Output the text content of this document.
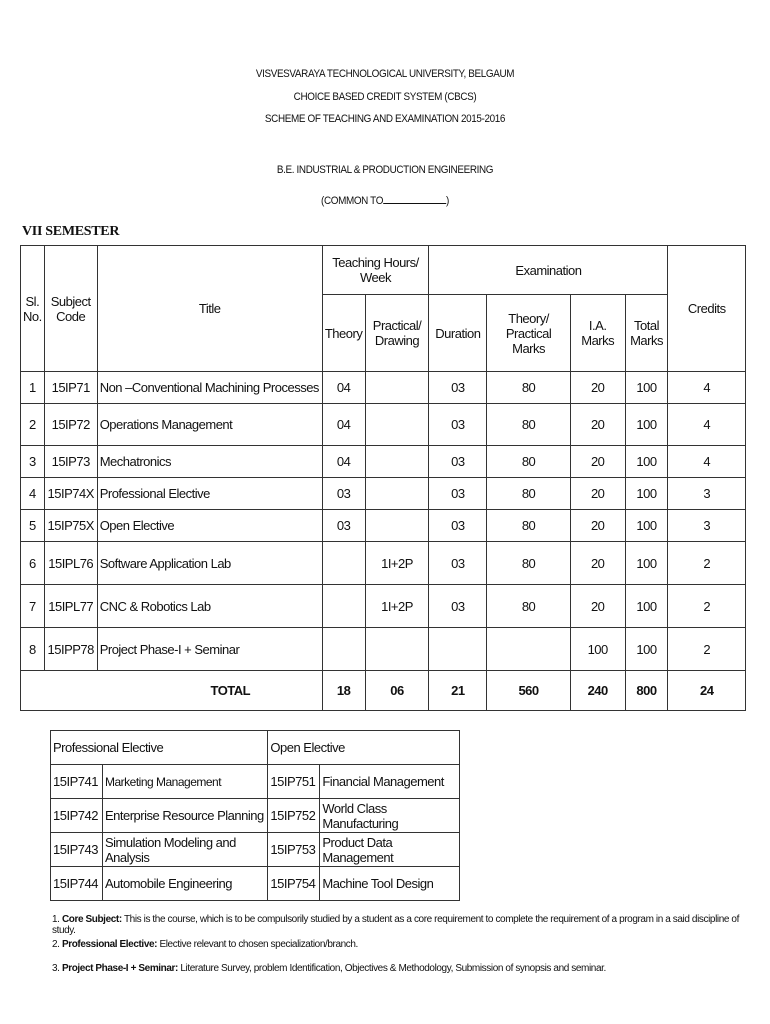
VISVESVARAYA TECHNOLOGICAL UNIVERSITY, BELGAUM
CHOICE BASED CREDIT SYSTEM (CBCS)
SCHEME OF TEACHING AND EXAMINATION 2015-2016
B.E. INDUSTRIAL & PRODUCTION ENGINEERING
(COMMON TO	)
VII SEMESTER
Sl. No.	Subject Code	Title	Teaching Hours/ Week		Examination				Credits
			Theory	Practical/ Drawing	Duration	Theory/ Practical Marks	I.A. Marks	Total Marks	
1	15IP71	Non –Conventional Machining Processes	04		03	80	20	100	4
2	15IP72	Operations Management	04		03	80	20	100	4
3	15IP73	Mechatronics	04		03	80	20	100	4
4	15IP74X	Professional Elective	03		03	80	20	100	3
5	15IP75X	Open Elective	03		03	80	20	100	3
6	15IPL76	Software Application Lab		1I+2P	03	80	20	100	2
7	15IPL77	CNC & Robotics Lab		1I+2P	03	80	20	100	2
8	15IPP78	Project Phase-I + Seminar					100	100	2
TOTAL			18	06	21	560	240	800	24
Professional Elective		Open Elective	
15IP741	Marketing Management	15IP751	Financial Management
15IP742	Enterprise Resource Planning	15IP752	World Class Manufacturing
15IP743	Simulation Modeling and Analysis	15IP753	Product Data Management
15IP744	Automobile Engineering	15IP754	Machine Tool Design
1. Core Subject: This is the course, which is to be compulsorily studied by a student as a core requirement to complete the requirement of a program in a said discipline of study.
2. Professional Elective: Elective relevant to chosen specialization/branch.
3. Project Phase-I + Seminar: Literature Survey, problem Identification, Objectives & Methodology, Submission of synopsis and seminar.
